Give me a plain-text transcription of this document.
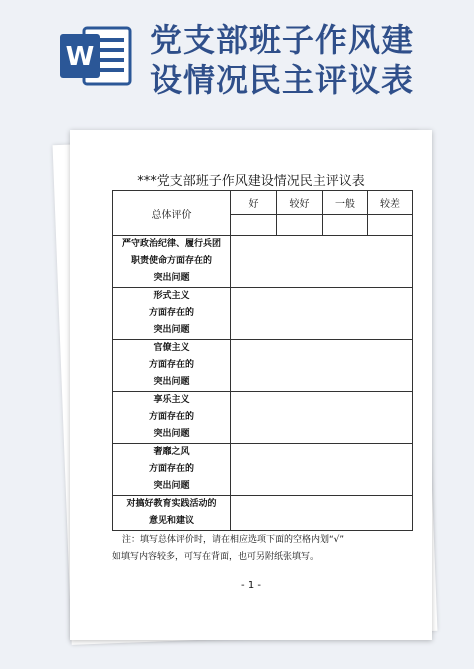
W 党支部班子作风建
设情况民主评议表
***党支部班子作风建设情况民主评议表
总体评价	好	较好	一般	较差

严守政治纪律、履行兵团
职责使命方面存在的
突出问题				

形式主义
方面存在的
突出问题				

官僚主义
方面存在的
突出问题				

享乐主义
方面存在的
突出问题				

奢靡之风
方面存在的
突出问题				

对搞好教育实践活动的
意见和建议				

注：填写总体评价时，请在相应选项下面的空格内划“√”
如填写内容较多，可写在背面，也可另附纸张填写。
- 1 -
